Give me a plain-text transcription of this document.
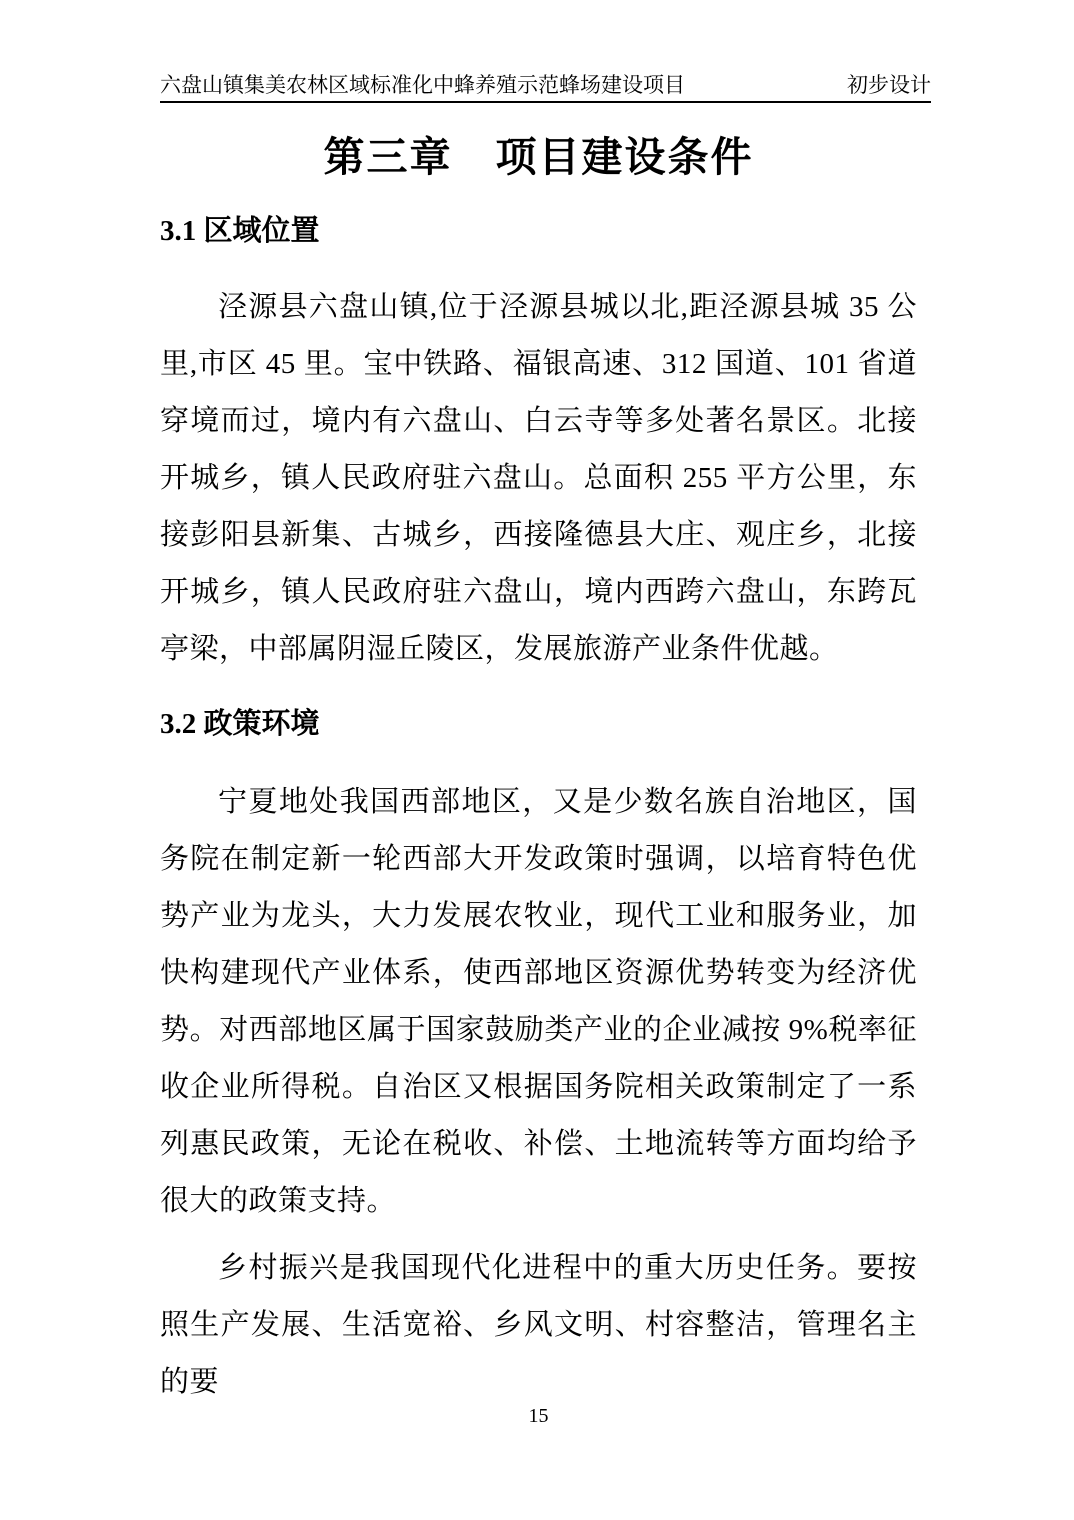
六盘山镇集美农林区域标准化中蜂养殖示范蜂场建设项目	初步设计
第三章　项目建设条件
3.1 区域位置

泾源县六盘山镇,位于泾源县城以北,距泾源县城 35 公里,市区 45 里。宝中铁路、福银高速、312 国道、101 省道穿境而过，境内有六盘山、白云寺等多处著名景区。北接开城乡，镇人民政府驻六盘山。总面积 255 平方公里，东接彭阳县新集、古城乡，西接隆德县大庄、观庄乡，北接开城乡，镇人民政府驻六盘山，境内西跨六盘山，东跨瓦亭梁，中部属阴湿丘陵区，发展旅游产业条件优越。

3.2 政策环境

宁夏地处我国西部地区，又是少数名族自治地区，国务院在制定新一轮西部大开发政策时强调，以培育特色优势产业为龙头，大力发展农牧业，现代工业和服务业，加快构建现代产业体系，使西部地区资源优势转变为经济优势。对西部地区属于国家鼓励类产业的企业减按 9%税率征收企业所得税。自治区又根据国务院相关政策制定了一系列惠民政策，无论在税收、补偿、土地流转等方面均给予很大的政策支持。

乡村振兴是我国现代化进程中的重大历史任务。要按照生产发展、生活宽裕、乡风文明、村容整洁，管理名主的要

15
